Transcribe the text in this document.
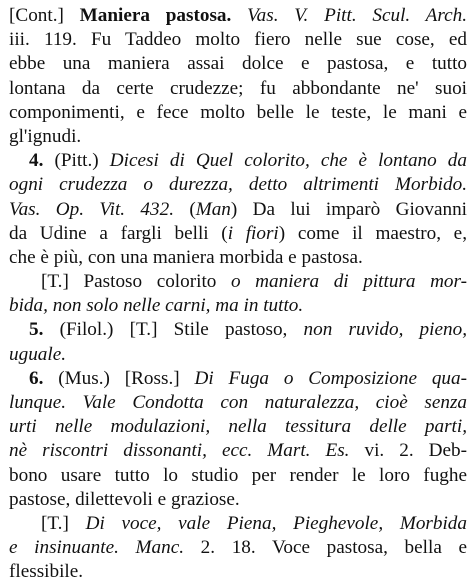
[Cont.] Maniera pastosa. Vas. V. Pitt. Scul. Arch.
iii. 119. Fu Taddeo molto fiero nelle sue cose, ed
ebbe una maniera assai dolce e pastosa, e tutto
lontana da certe crudezze; fu abbondante ne' suoi
componimenti, e fece molto belle le teste, le mani e
gl'ignudi.
4. (Pitt.) Dicesi di Quel colorito, che è lontano da
ogni crudezza o durezza, detto altrimenti Morbido.
Vas. Op. Vit. 432. (Man) Da lui imparò Giovanni
da Udine a fargli belli (i fiori) come il maestro, e,
che è più, con una maniera morbida e pastosa.
[T.] Pastoso colorito o maniera di pittura mor-
bida, non solo nelle carni, ma in tutto.
5. (Filol.) [T.] Stile pastoso, non ruvido, pieno,
uguale.
6. (Mus.) [Ross.] Di Fuga o Composizione qua-
lunque. Vale Condotta con naturalezza, cioè senza
urti nelle modulazioni, nella tessitura delle parti,
nè riscontri dissonanti, ecc. Mart. Es. vi. 2. Deb-
bono usare tutto lo studio per render le loro fughe
pastose, dilettevoli e graziose.
[T.] Di voce, vale Piena, Pieghevole, Morbida
e insinuante. Manc. 2. 18. Voce pastosa, bella e
flessibile.
